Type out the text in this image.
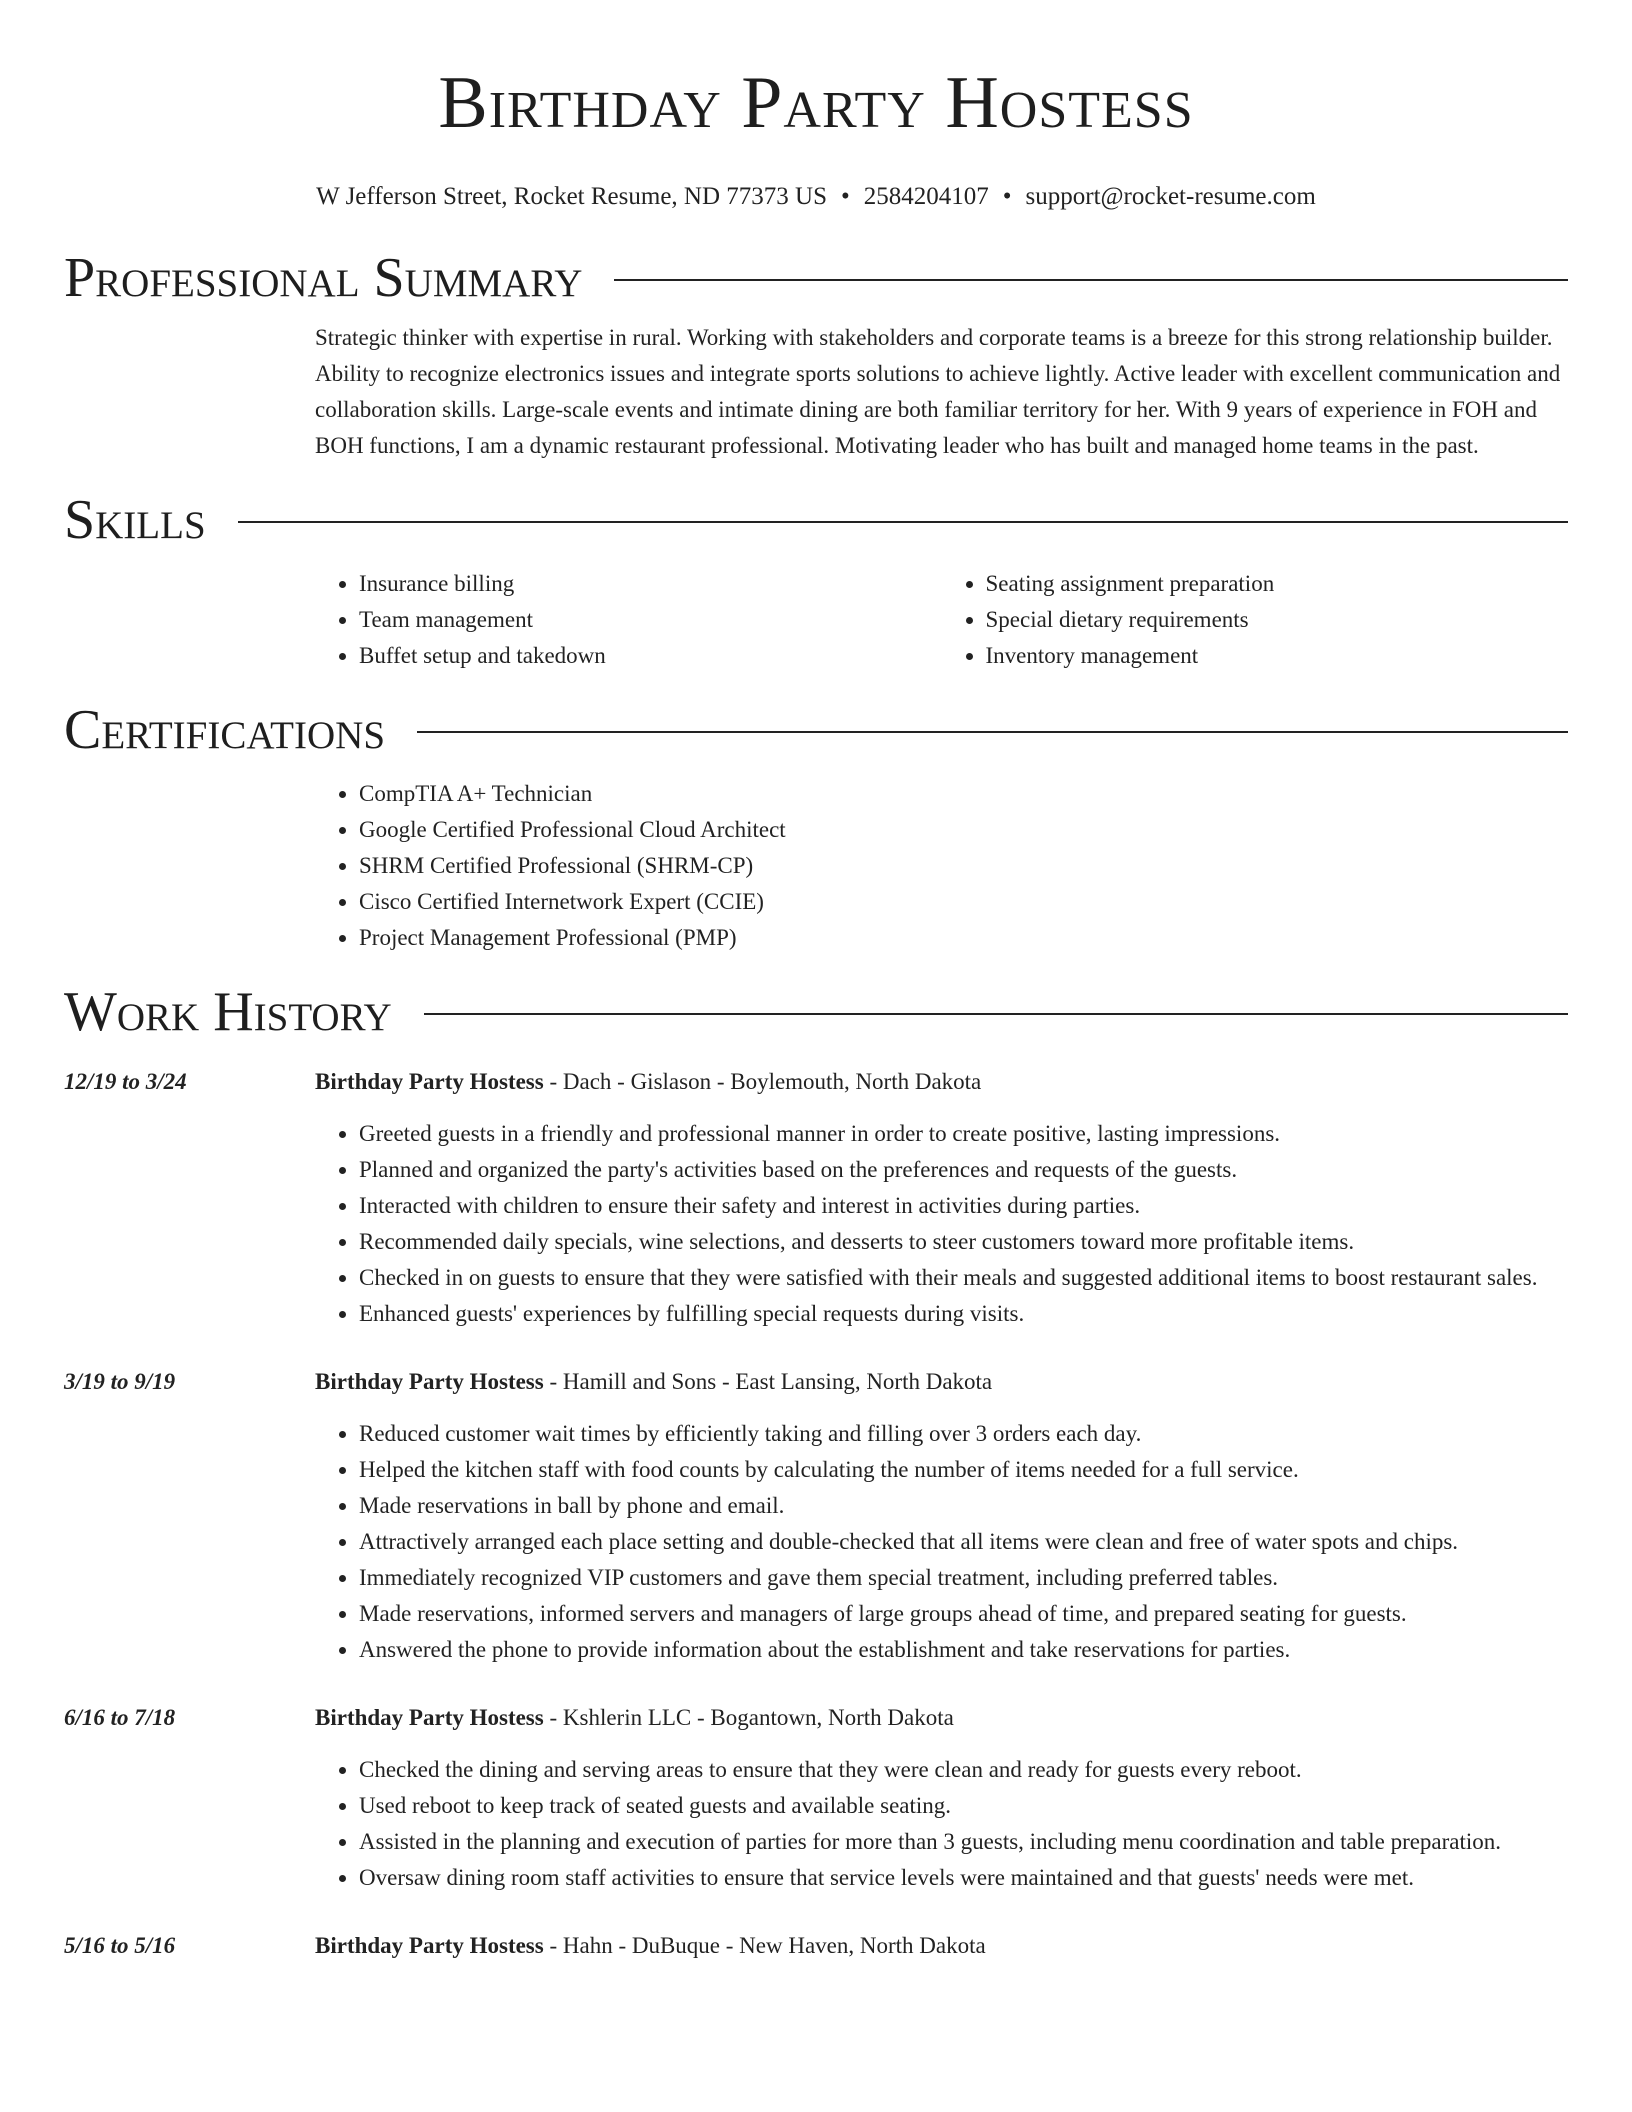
Birthday Party Hostess
W Jefferson Street, Rocket Resume, ND 77373 US • 2584204107 • support@rocket-resume.com
Professional Summary

Strategic thinker with expertise in rural. Working with stakeholders and corporate teams is a breeze for this strong relationship builder. Ability to recognize electronics issues and integrate sports solutions to achieve lightly. Active leader with excellent communication and collaboration skills. Large-scale events and intimate dining are both familiar territory for her. With 9 years of experience in FOH and BOH functions, I am a dynamic restaurant professional. Motivating leader who has built and managed home teams in the past.

Skills
• Insurance billing
• Team management
• Buffet setup and takedown
• Seating assignment preparation
• Special dietary requirements
• Inventory management
Certifications
• CompTIA A+ Technician
• Google Certified Professional Cloud Architect
• SHRM Certified Professional (SHRM-CP)
• Cisco Certified Internetwork Expert (CCIE)
• Project Management Professional (PMP)
Work History
12/19 to 3/24	Birthday Party Hostess - Dach - Gislason - Boylemouth, North Dakota
• Greeted guests in a friendly and professional manner in order to create positive, lasting impressions.
• Planned and organized the party's activities based on the preferences and requests of the guests.
• Interacted with children to ensure their safety and interest in activities during parties.
• Recommended daily specials, wine selections, and desserts to steer customers toward more profitable items.
• Checked in on guests to ensure that they were satisfied with their meals and suggested additional items to boost restaurant sales.
• Enhanced guests' experiences by fulfilling special requests during visits.
3/19 to 9/19	Birthday Party Hostess - Hamill and Sons - East Lansing, North Dakota
• Reduced customer wait times by efficiently taking and filling over 3 orders each day.
• Helped the kitchen staff with food counts by calculating the number of items needed for a full service.
• Made reservations in ball by phone and email.
• Attractively arranged each place setting and double-checked that all items were clean and free of water spots and chips.
• Immediately recognized VIP customers and gave them special treatment, including preferred tables.
• Made reservations, informed servers and managers of large groups ahead of time, and prepared seating for guests.
• Answered the phone to provide information about the establishment and take reservations for parties.
6/16 to 7/18	Birthday Party Hostess - Kshlerin LLC - Bogantown, North Dakota
• Checked the dining and serving areas to ensure that they were clean and ready for guests every reboot.
• Used reboot to keep track of seated guests and available seating.
• Assisted in the planning and execution of parties for more than 3 guests, including menu coordination and table preparation.
• Oversaw dining room staff activities to ensure that service levels were maintained and that guests' needs were met.
5/16 to 5/16	Birthday Party Hostess - Hahn - DuBuque - New Haven, North Dakota
